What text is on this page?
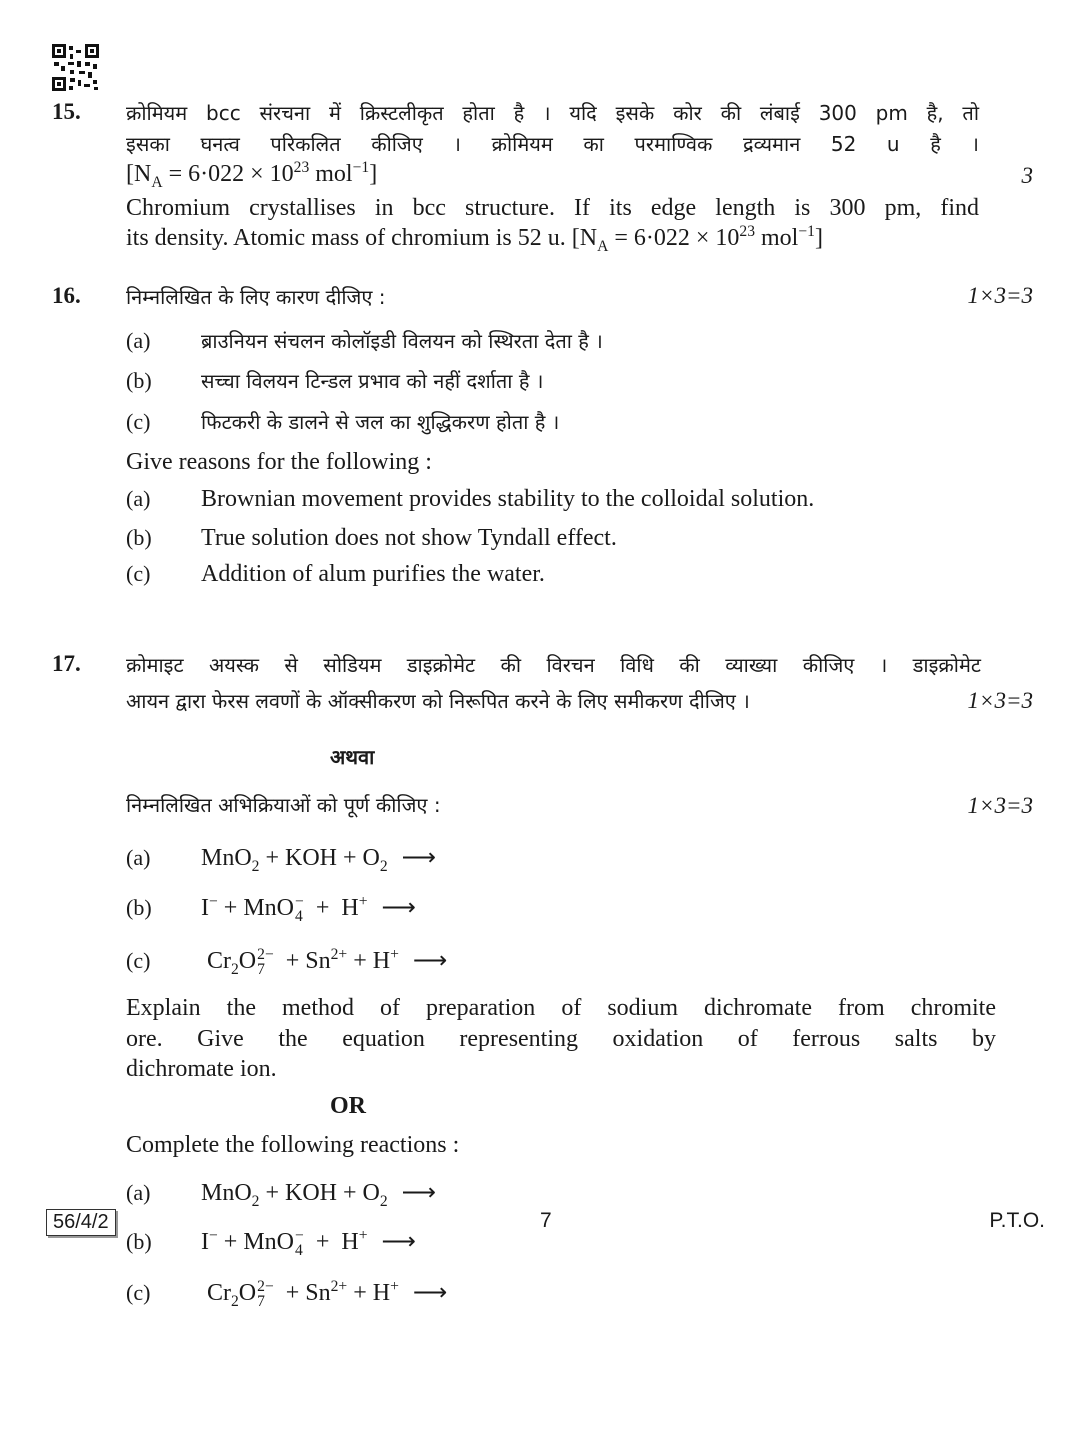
15. क्रोमियम bcc संरचना में क्रिस्टलीकृत होता है । यदि इसके कोर की लंबाई 300 pm है, तो
इसका घनत्व परिकलित कीजिए । क्रोमियम का परमाण्विक द्रव्यमान 52 u है ।
[$N_A = 6\cdot 022 \times 10^{23}$ mol$^{-1}$]	3
Chromium crystallises in bcc structure. If its edge length is 300 pm, find
its density. Atomic mass of chromium is 52 u. [$N_A = 6\cdot 022 \times 10^{23}$ mol$^{-1}$]
16. निम्नलिखित के लिए कारण दीजिए :	1×3=3
(a)	ब्राउनियन संचलन कोलॉइडी विलयन को स्थिरता देता है ।
(b)	सच्चा विलयन टिन्डल प्रभाव को नहीं दर्शाता है ।
(c)	फिटकरी के डालने से जल का शुद्धिकरण होता है ।
Give reasons for the following :
(a)	Brownian movement provides stability to the colloidal solution.
(b)	True solution does not show Tyndall effect.
(c)	Addition of alum purifies the water.
17. क्रोमाइट अयस्क से सोडियम डाइक्रोमेट की विरचन विधि की व्याख्या कीजिए । डाइक्रोमेट
आयन द्वारा फेरस लवणों के ऑक्सीकरण को निरूपित करने के लिए समीकरण दीजिए ।	1×3=3
अथवा
निम्नलिखित अभिक्रियाओं को पूर्ण कीजिए :	1×3=3
(a)	MnO$_2$ + KOH + $O_2$ ⟶
(b)	I− + MnO −
4 +  H+ ⟶
(c)	$Cr_2O$ 2−
$7 + Sn^{2+} + H^+$ ⟶
Explain the method of preparation of sodium dichromate from chromite
ore. Give the equation representing oxidation of ferrous salts by
dichromate ion.
OR
Complete the following reactions :
(a)	MnO$_2$ + KOH + $O_2$ ⟶
(b)	I− + MnO −
4 +  H+ ⟶
(c)	$Cr_2O$ 2−
$7 + Sn^{2+} + H^+$ ⟶
56/4/2	7	P.T.O.
